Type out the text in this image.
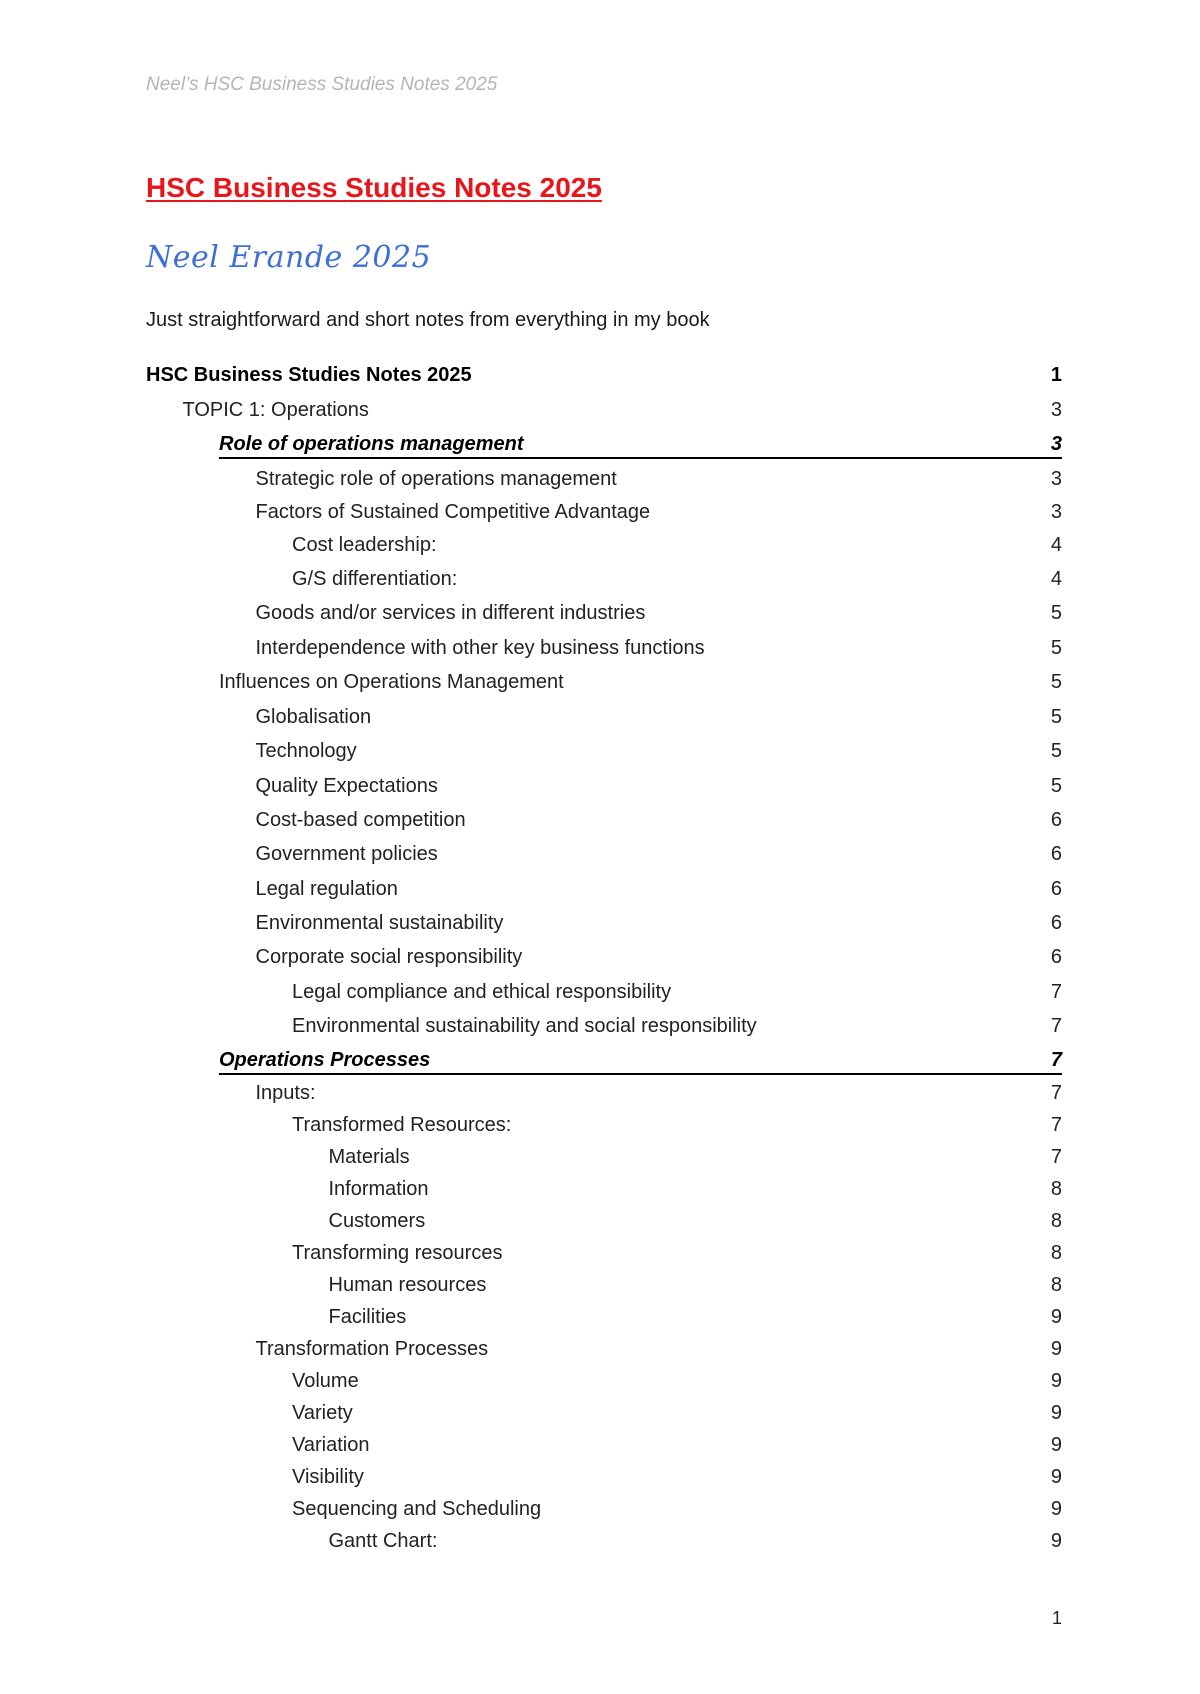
Neel’s HSC Business Studies Notes 2025
HSC Business Studies Notes 2025
Neel Erande 2025
Just straightforward and short notes from everything in my book
HSC Business Studies Notes 2025	1
TOPIC 1: Operations	3
Role of operations management	3
Strategic role of operations management	3
Factors of Sustained Competitive Advantage	3
Cost leadership:	4
G/S differentiation:	4
Goods and/or services in different industries	5
Interdependence with other key business functions	5
Influences on Operations Management	5
Globalisation	5
Technology	5
Quality Expectations	5
Cost-based competition	6
Government policies	6
Legal regulation	6
Environmental sustainability	6
Corporate social responsibility	6
Legal compliance and ethical responsibility	7
Environmental sustainability and social responsibility	7
Operations Processes	7
Inputs:	7
Transformed Resources:	7
Materials	7
Information	8
Customers	8
Transforming resources	8
Human resources	8
Facilities	9
Transformation Processes	9
Volume	9
Variety	9
Variation	9
Visibility	9
Sequencing and Scheduling	9
Gantt Chart:	9
1
